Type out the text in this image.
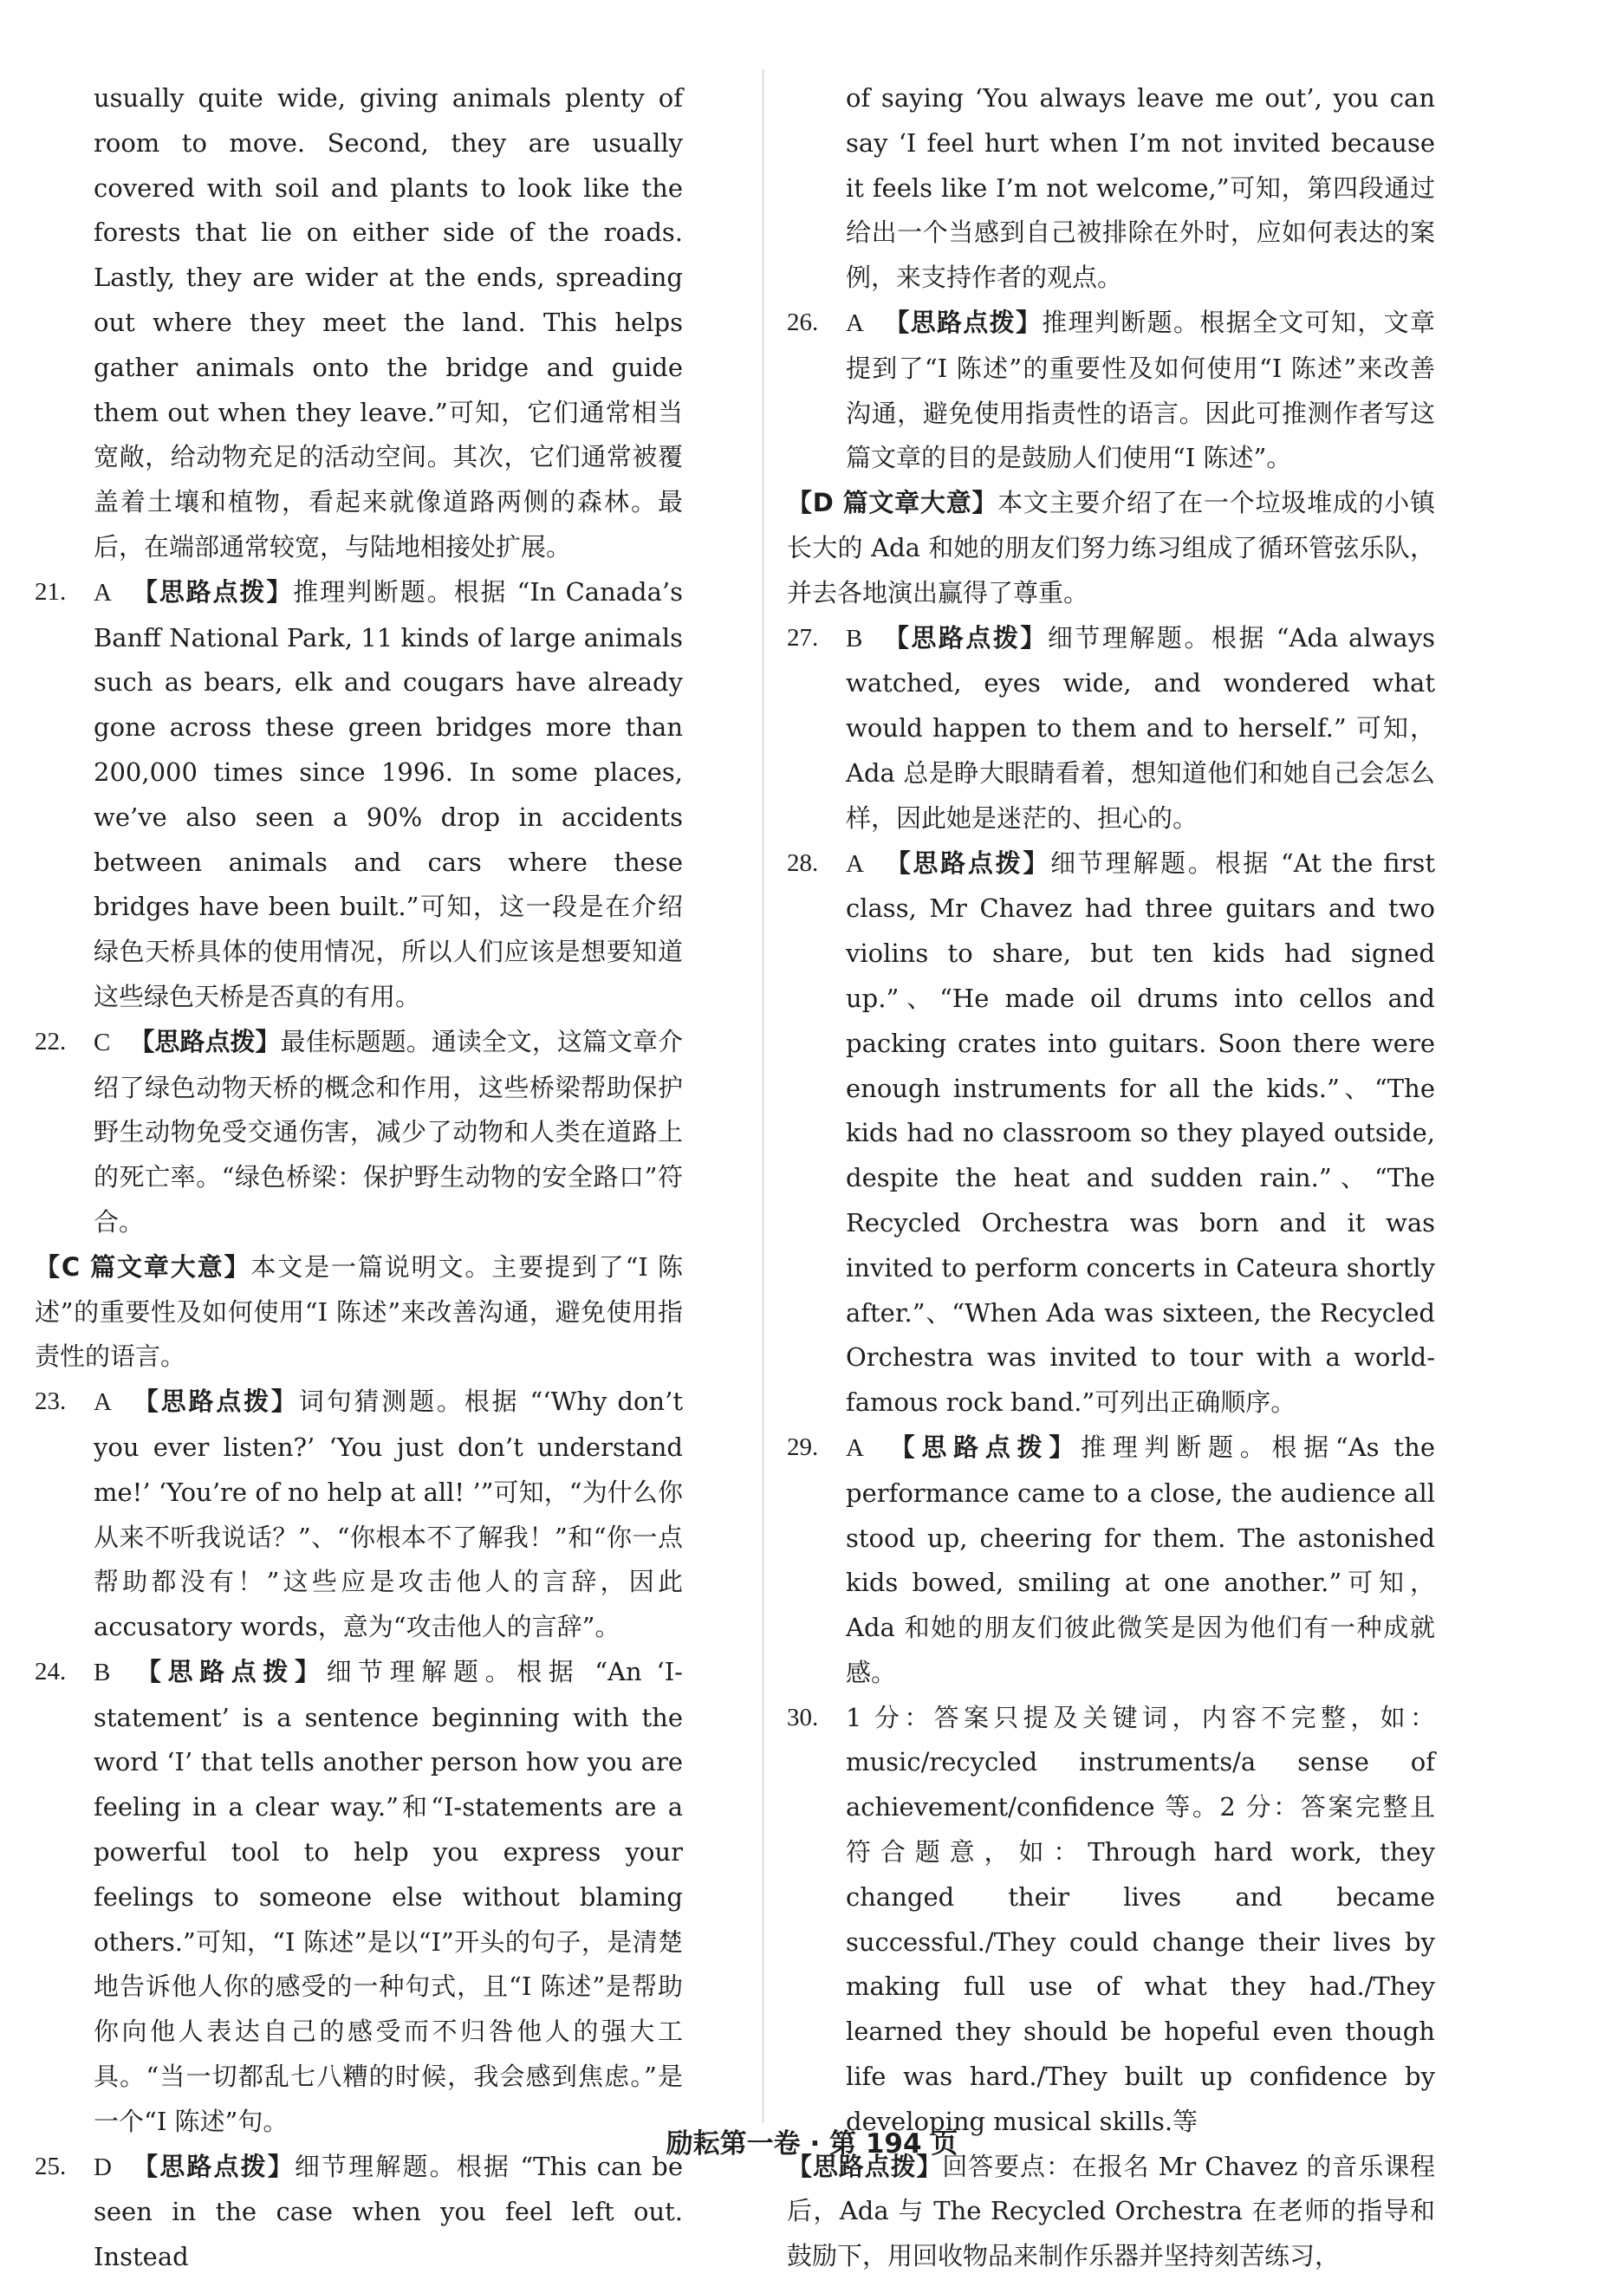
usually quite wide, giving animals plenty of room to move. Second, they are usually covered with soil and plants to look like the forests that lie on either side of the roads. Lastly, they are wider at the ends, spreading out where they meet the land. This helps gather animals onto the bridge and guide them out when they leave.”可知，它们通常相当宽敞，给动物充足的活动空间。其次，它们通常被覆盖着土壤和植物，看起来就像道路两侧的森林。最后，在端部通常较宽，与陆地相接处扩展。

21.	A 【思路点拨】推理判断题。根据 “In Canada’s Banff National Park, 11 kinds of large animals such as bears, elk and cougars have already gone across these green bridges more than 200,000 times since 1996. In some places, we’ve also seen a 90% drop in accidents between animals and cars where these bridges have been built.”可知，这一段是在介绍绿色天桥具体的使用情况，所以人们应该是想要知道这些绿色天桥是否真的有用。

22.	C 【思路点拨】最佳标题题。通读全文，这篇文章介绍了绿色动物天桥的概念和作用，这些桥梁帮助保护野生动物免受交通伤害，减少了动物和人类在道路上的死亡率。“绿色桥梁：保护野生动物的安全路口”符合。

【C 篇文章大意】本文是一篇说明文。主要提到了“I 陈述”的重要性及如何使用“I 陈述”来改善沟通，避免使用指责性的语言。

23.	A 【思路点拨】词句猜测题。根据 “‘Why don’t you ever listen?’ ‘You just don’t understand me!’ ‘You’re of no help at all! ’”可知，“为什么你从来不听我说话？”、“你根本不了解我！”和“你一点帮助都没有！”这些应是攻击他人的言辞，因此 accusatory words，意为“攻击他人的言辞”。

24.	B 【思路点拨】细节理解题。根据 “An ‘I-statement’ is a sentence beginning with the word ‘I’ that tells another person how you are feeling in a clear way.”和“I-statements are a powerful tool to help you express your feelings to someone else without blaming others.”可知，“I 陈述”是以“I”开头的句子，是清楚地告诉他人你的感受的一种句式，且“I 陈述”是帮助你向他人表达自己的感受而不归咎他人的强大工具。“当一切都乱七八糟的时候，我会感到焦虑。”是一个“I 陈述”句。

25.	D 【思路点拨】细节理解题。根据 “This can be seen in the case when you feel left out. Instead

of saying ‘You always leave me out’, you can say ‘I feel hurt when I’m not invited because it feels like I’m not welcome,”可知，第四段通过给出一个当感到自己被排除在外时，应如何表达的案例，来支持作者的观点。

26.	A 【思路点拨】推理判断题。根据全文可知，文章提到了“I 陈述”的重要性及如何使用“I 陈述”来改善沟通，避免使用指责性的语言。因此可推测作者写这篇文章的目的是鼓励人们使用“I 陈述”。

【D 篇文章大意】本文主要介绍了在一个垃圾堆成的小镇长大的 Ada 和她的朋友们努力练习组成了循环管弦乐队，并去各地演出赢得了尊重。

27.	B 【思路点拨】细节理解题。根据 “Ada always watched, eyes wide, and wondered what would happen to them and to herself.” 可知，Ada 总是睁大眼睛看着，想知道他们和她自己会怎么样，因此她是迷茫的、担心的。

28.	A 【思路点拨】细节理解题。根据 “At the first class, Mr Chavez had three guitars and two violins to share, but ten kids had signed up.”、“He made oil drums into cellos and packing crates into guitars. Soon there were enough instruments for all the kids.”、“The kids had no classroom so they played outside, despite the heat and sudden rain.”、“The Recycled Orchestra was born and it was invited to perform concerts in Cateura shortly after.”、“When Ada was sixteen, the Recycled Orchestra was invited to tour with a world-famous rock band.”可列出正确顺序。

29.	A 【思路点拨】推理判断题。根据“As the performance came to a close, the audience all stood up, cheering for them. The astonished kids bowed, smiling at one another.”可知，Ada 和她的朋友们彼此微笑是因为他们有一种成就感。

30.	1 分：答案只提及关键词，内容不完整，如：music/recycled instruments/a sense of achievement/confidence 等。2 分：答案完整且符合题意，如：Through hard work, they changed their lives and became successful./They could change their lives by making full use of what they had./They learned they should be hopeful even though life was hard./They built up confidence by developing musical skills.等

【思路点拨】回答要点：在报名 Mr Chavez 的音乐课程后，Ada 与 The Recycled Orchestra 在老师的指导和鼓励下，用回收物品来制作乐器并坚持刻苦练习，

励耘第一卷 · 第 194 页
